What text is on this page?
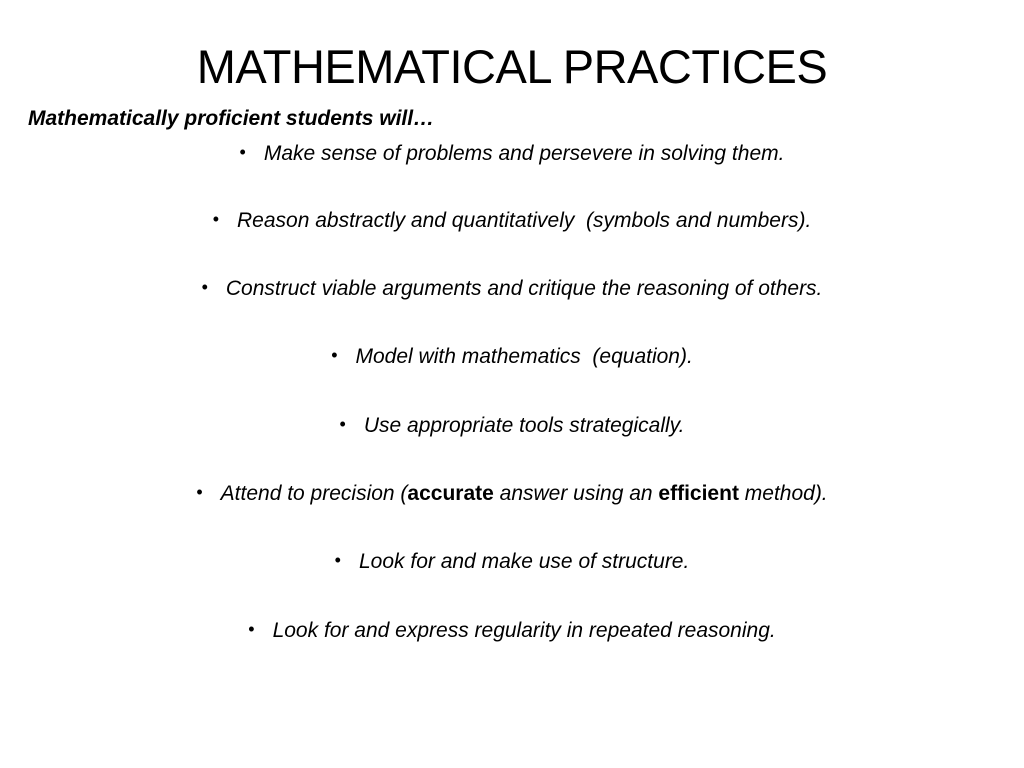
MATHEMATICAL PRACTICES
Mathematically proficient students will…
• Make sense of problems and persevere in solving them.
• Reason abstractly and quantitatively  (symbols and numbers).
• Construct viable arguments and critique the reasoning of others.
• Model with mathematics  (equation).
• Use appropriate tools strategically.
• Attend to precision (accurate answer using an efficient method).
• Look for and make use of structure.
• Look for and express regularity in repeated reasoning.
